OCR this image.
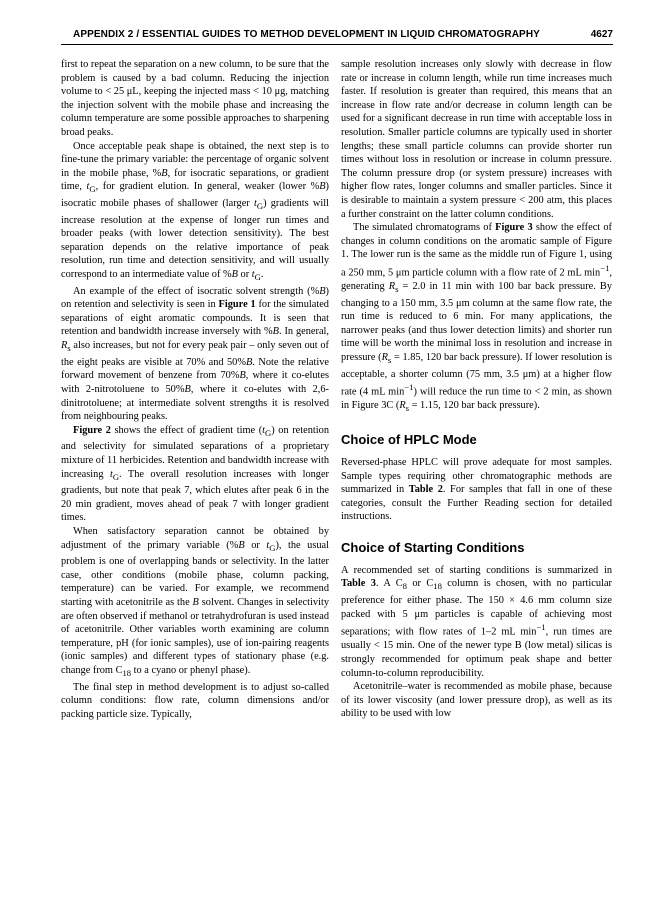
APPENDIX 2 / ESSENTIAL GUIDES TO METHOD DEVELOPMENT IN LIQUID CHROMATOGRAPHY	4627

first to repeat the separation on a new column, to be sure that the problem is caused by a bad column. Reducing the injection volume to < 25 μL, keeping the injected mass < 10 μg, matching the injection solvent with the mobile phase and increasing the column temperature are some possible approaches to sharpening broad peaks.

Once acceptable peak shape is obtained, the next step is to fine-tune the primary variable: the percentage of organic solvent in the mobile phase, %B, for isocratic separations, or gradient time, $t_G$, for gradient elution. In general, weaker (lower %B) isocratic mobile phases of shallower (larger $t_G$) gradients will increase resolution at the expense of longer run times and broader peaks (with lower detection sensitivity). The best separation depends on the relative importance of peak resolution, run time and detection sensitivity, and will usually correspond to an intermediate value of %B or $t_G$.

An example of the effect of isocratic solvent strength (%B) on retention and selectivity is seen in Figure 1 for the simulated separations of eight aromatic compounds. It is seen that retention and bandwidth increase inversely with %B. In general, $R_s$ also increases, but not for every peak pair – only seven out of the eight peaks are visible at 70% and 50%B. Note the relative forward movement of benzene from 70%B, where it co-elutes with 2-nitrotoluene to 50%B, where it co-elutes with 2,6-dinitrotoluene; at intermediate solvent strengths it is resolved from neighbouring peaks.

Figure 2 shows the effect of gradient time $(t_G)$ on retention and selectivity for simulated separations of a proprietary mixture of 11 herbicides. Retention and bandwidth increase with increasing $t_G$. The overall resolution increases with longer gradients, but note that peak 7, which elutes after peak 6 in the 20 min gradient, moves ahead of peak 7 with longer gradient times.

When satisfactory separation cannot be obtained by adjustment of the primary variable (%B or $t_G$), the usual problem is one of overlapping bands or selectivity. In the latter case, other conditions (mobile phase, column packing, temperature) can be varied. For example, we recommend starting with acetonitrile as the B solvent. Changes in selectivity are often observed if methanol or tetrahydrofuran is used instead of acetonitrile. Other variables worth examining are column temperature, pH (for ionic samples), use of ion-pairing reagents (ionic samples) and different types of stationary phase (e.g. change from $C_{18}$ to a cyano or phenyl phase).

The final step in method development is to adjust so-called column conditions: flow rate, column dimensions and/or packing particle size. Typically,

sample resolution increases only slowly with decrease in flow rate or increase in column length, while run time increases much faster. If resolution is greater than required, this means that an increase in flow rate and/or decrease in column length can be used for a significant decrease in run time with acceptable loss in resolution. Smaller particle columns are typically used in shorter lengths; these small particle columns can provide shorter run times without loss in resolution or increase in column pressure. The column pressure drop (or system pressure) increases with higher flow rates, longer columns and smaller particles. Since it is desirable to maintain a system pressure < 200 atm, this places a further constraint on the latter column conditions.

The simulated chromatograms of Figure 3 show the effect of changes in column conditions on the aromatic sample of Figure 1. The lower run is the same as the middle run of Figure 1, using a 250 mm, 5 μm particle column with a flow rate of 2 mL $\min^{-1}$, generating $R_s = 2.0$ in 11 min with 100 bar back pressure. By changing to a 150 mm, 3.5 μm column at the same flow rate, the run time is reduced to 6 min. For many applications, the narrower peaks (and thus lower detection limits) and shorter run time will be worth the minimal loss in resolution and increase in pressure ($R_s = 1.85$, 120 bar back pressure). If lower resolution is acceptable, a shorter column (75 mm, 3.5 μm) at a higher flow rate (4 mL $\min^{-1}$) will reduce the run time to < 2 min, as shown in Figure 3C ($R_s = 1.15$, 120 bar back pressure).

Choice of HPLC Mode

Reversed-phase HPLC will prove adequate for most samples. Sample types requiring other chromatographic methods are summarized in Table 2. For samples that fall in one of these categories, consult the Further Reading section for detailed instructions.

Choice of Starting Conditions

A recommended set of starting conditions is summarized in Table 3. A $C_8$ or $C_{18}$ column is chosen, with no particular preference for either phase. The 150 × 4.6 mm column size packed with 5 μm particles is capable of achieving most separations; with flow rates of 1–2 mL $\min^{-1}$, run times are usually < 15 min. One of the newer type B (low metal) silicas is strongly recommended for optimum peak shape and better column-to-column reproducibility.

Acetonitrile–water is recommended as mobile phase, because of its lower viscosity (and lower pressure drop), as well as its ability to be used with low
